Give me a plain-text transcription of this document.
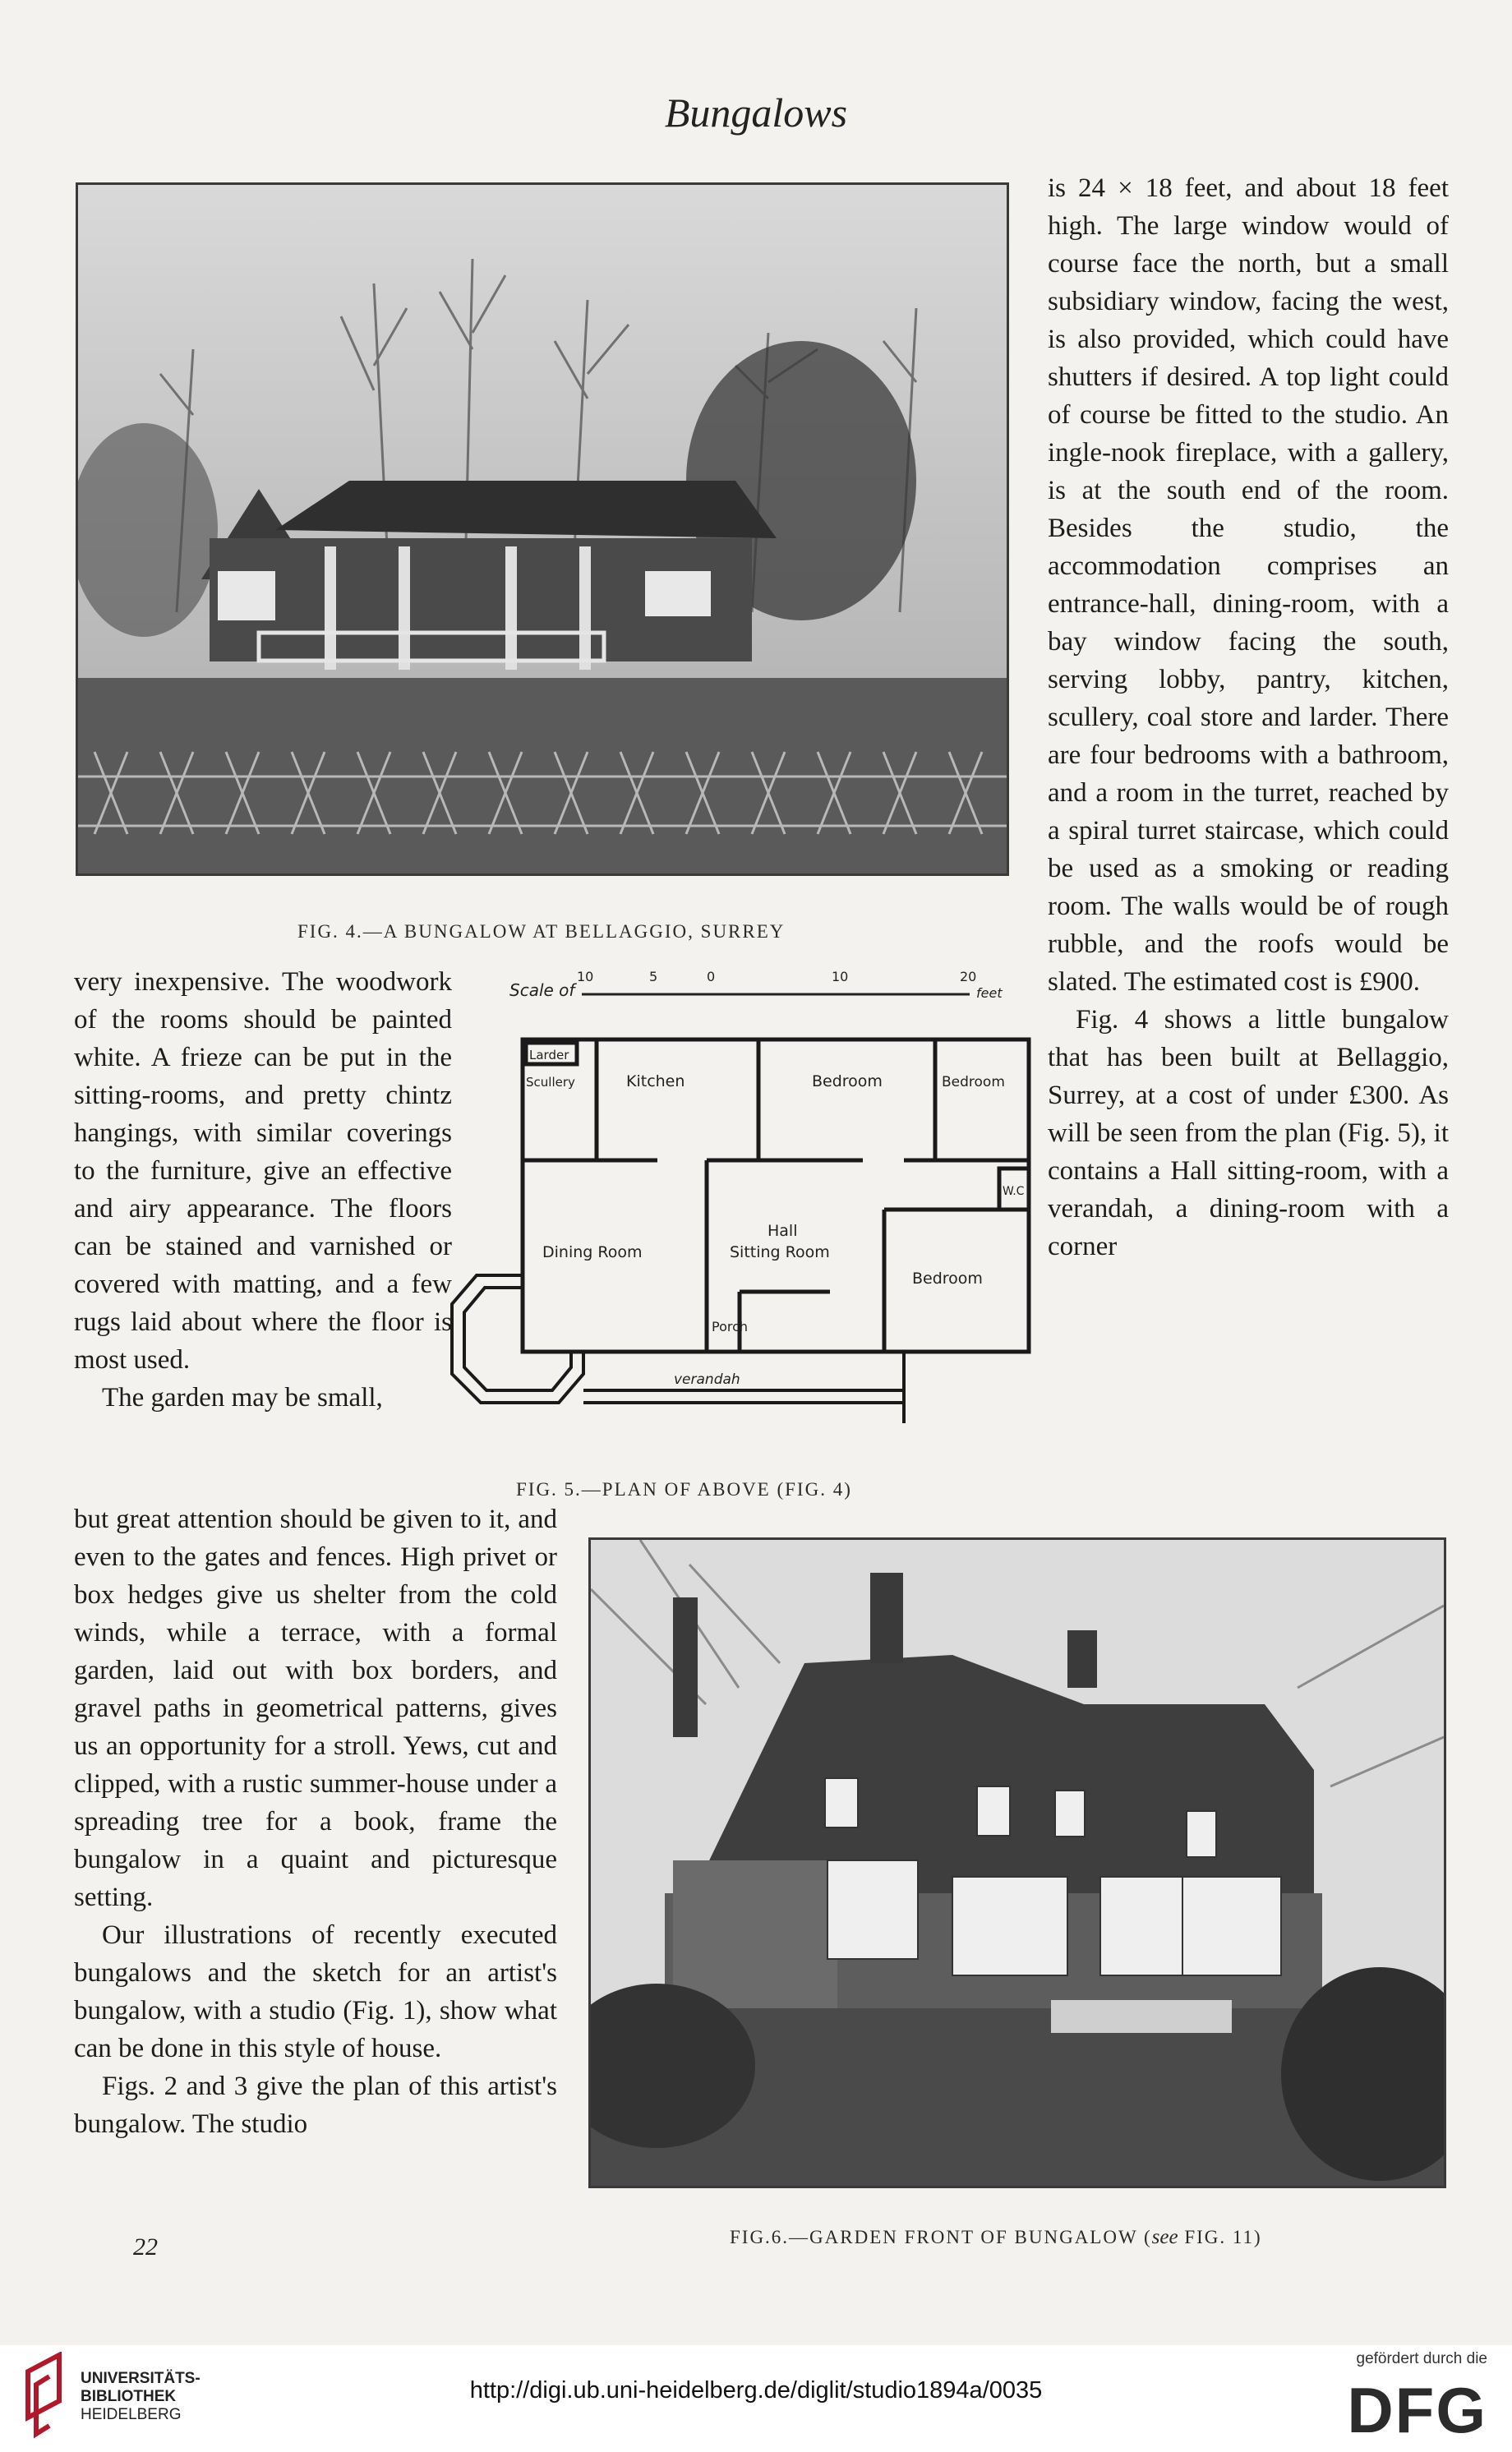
Bungalows
FIG. 4.—A BUNGALOW AT BELLAGGIO, SURREY

very inexpensive. The woodwork of the rooms should be painted white. A frieze can be put in the sitting-rooms, and pretty chintz hangings, with similar coverings to the furniture, give an effective and airy appearance. The floors can be stained and varnished or covered with matting, and a few rugs laid about where the floor is most used.

The garden may be small,

Scale of
10	5	0	10	20
feet
Larder
Scullery	Kitchen	Bedroom	Bedroom
W.C
Hall
Sitting Room
Dining Room
Bedroom
Porch
verandah
FIG. 5.—PLAN OF ABOVE (FIG. 4)

is 24 × 18 feet, and about 18 feet high. The large window would of course face the north, but a small subsidiary window, facing the west, is also provided, which could have shutters if desired. A top light could of course be fitted to the studio. An ingle-nook fireplace, with a gallery, is at the south end of the room. Besides the studio, the accommodation comprises an entrance-hall, dining-room, with a bay window facing the south, serving lobby, pantry, kitchen, scullery, coal store and larder. There are four bedrooms with a bathroom, and a room in the turret, reached by a spiral turret staircase, which could be used as a smoking or reading room. The walls would be of rough rubble, and the roofs would be slated. The estimated cost is £900.

Fig. 4 shows a little bungalow that has been built at Bellaggio, Surrey, at a cost of under £300. As will be seen from the plan (Fig. 5), it contains a Hall sitting-room, with a verandah, a dining-room with a corner

but great attention should be given to it, and even to the gates and fences. High privet or box hedges give us shelter from the cold winds, while a terrace, with a formal garden, laid out with box borders, and gravel paths in geometrical patterns, gives us an opportunity for a stroll. Yews, cut and clipped, with a rustic summer-house under a spreading tree for a book, frame the bungalow in a quaint and picturesque setting.

Our illustrations of recently executed bungalows and the sketch for an artist's bungalow, with a studio (Fig. 1), show what can be done in this style of house.

Figs. 2 and 3 give the plan of this artist's bungalow. The studio

FIG.6.—GARDEN FRONT OF BUNGALOW (see FIG. 11)
22
UNIVERSITÄTS-
BIBLIOTHEK
HEIDELBERG
http://digi.ub.uni-heidelberg.de/diglit/studio1894a/0035
gefördert durch die
DFG
